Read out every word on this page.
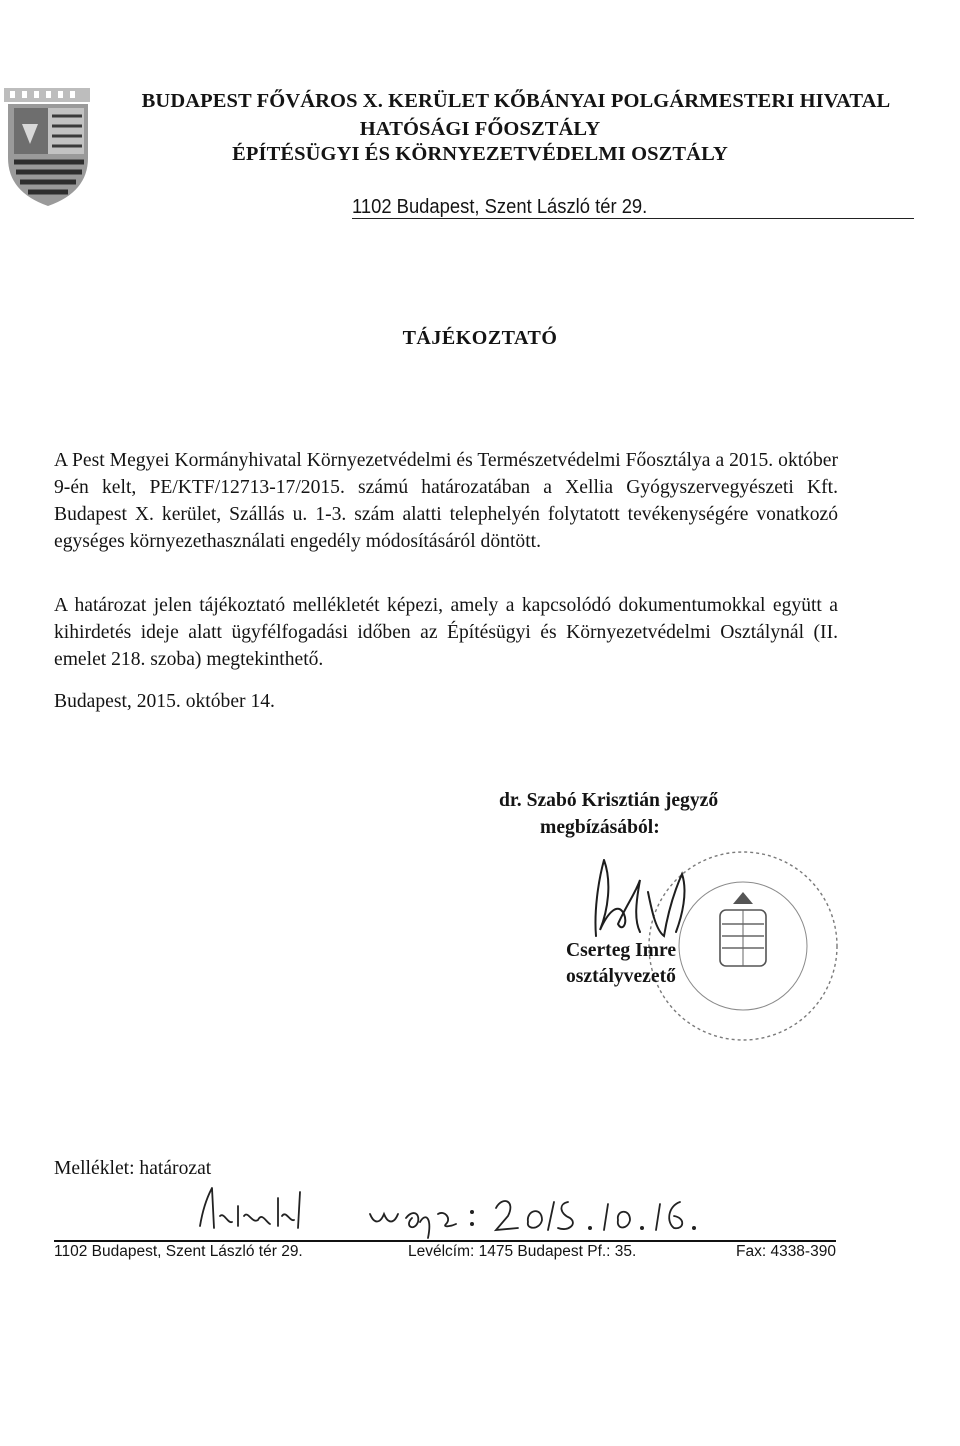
BUDAPEST FŐVÁROS X. KERÜLET KŐBÁNYAI POLGÁRMESTERI HIVATAL
HATÓSÁGI FŐOSZTÁLY
ÉPÍTÉSÜGYI ÉS KÖRNYEZETVÉDELMI OSZTÁLY
1102 Budapest, Szent László tér 29.
TÁJÉKOZTATÓ
A Pest Megyei Kormányhivatal Környezetvédelmi és Természetvédelmi Főosztálya a 2015. október 9-én kelt, PE/KTF/12713-17/2015. számú határozatában a Xellia Gyógyszervegyészeti Kft. Budapest X. kerület, Szállás u. 1-3. szám alatti telephelyén folytatott tevékenységére vonatkozó egységes környezethasználati engedély módosításáról döntött.
A határozat jelen tájékoztató mellékletét képezi, amely a kapcsolódó dokumentumokkal együtt a kihirdetés ideje alatt ügyfélfogadási időben az Építésügyi és Környezetvédelmi Osztálynál (II. emelet 218. szoba) megtekinthető.
Budapest, 2015. október 14.
dr. Szabó Krisztián jegyző
megbízásából:
Cserteg Imre
osztályvezető
Melléklet: határozat
1102 Budapest, Szent László tér 29.	Levélcím: 1475 Budapest Pf.: 35.	Fax: 4338-390
